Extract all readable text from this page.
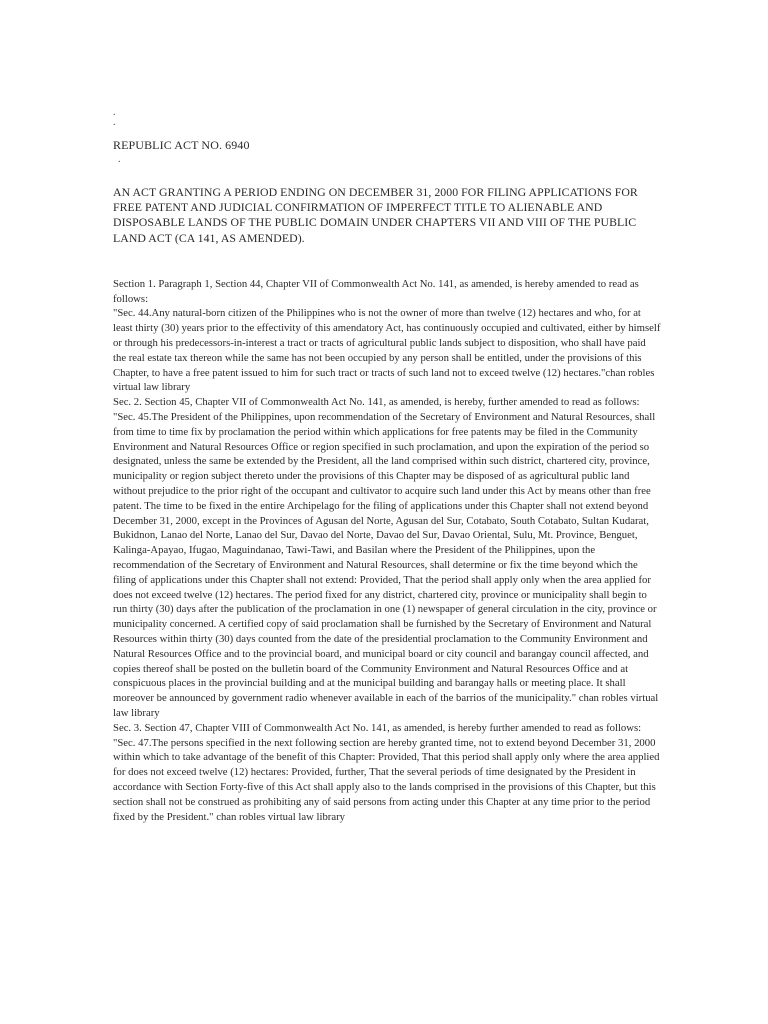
.
.
REPUBLIC ACT NO. 6940
.
AN ACT GRANTING A PERIOD ENDING ON DECEMBER 31, 2000 FOR FILING APPLICATIONS FOR FREE PATENT AND JUDICIAL CONFIRMATION OF IMPERFECT TITLE TO ALIENABLE AND DISPOSABLE LANDS OF THE PUBLIC DOMAIN UNDER CHAPTERS VII AND VIII OF THE PUBLIC LAND ACT (CA 141, AS AMENDED).

Section 1. Paragraph 1, Section 44, Chapter VII of Commonwealth Act No. 141, as amended, is hereby amended to read as follows:

"Sec. 44.Any natural-born citizen of the Philippines who is not the owner of more than twelve (12) hectares and who, for at least thirty (30) years prior to the effectivity of this amendatory Act, has continuously occupied and cultivated, either by himself or through his predecessors-in-interest a tract or tracts of agricultural public lands subject to disposition, who shall have paid the real estate tax thereon while the same has not been occupied by any person shall be entitled, under the provisions of this Chapter, to have a free patent issued to him for such tract or tracts of such land not to exceed twelve (12) hectares."chan robles virtual law library

Sec. 2. Section 45, Chapter VII of Commonwealth Act No. 141, as amended, is hereby, further amended to read as follows:

"Sec. 45.The President of the Philippines, upon recommendation of the Secretary of Environment and Natural Resources, shall from time to time fix by proclamation the period within which applications for free patents may be filed in the Community Environment and Natural Resources Office or region specified in such proclamation, and upon the expiration of the period so designated, unless the same be extended by the President, all the land comprised within such district, chartered city, province, municipality or region subject thereto under the provisions of this Chapter may be disposed of as agricultural public land without prejudice to the prior right of the occupant and cultivator to acquire such land under this Act by means other than free patent. The time to be fixed in the entire Archipelago for the filing of applications under this Chapter shall not extend beyond December 31, 2000, except in the Provinces of Agusan del Norte, Agusan del Sur, Cotabato, South Cotabato, Sultan Kudarat, Bukidnon, Lanao del Norte, Lanao del Sur, Davao del Norte, Davao del Sur, Davao Oriental, Sulu, Mt. Province, Benguet, Kalinga-Apayao, Ifugao, Maguindanao, Tawi-Tawi, and Basilan where the President of the Philippines, upon the recommendation of the Secretary of Environment and Natural Resources, shall determine or fix the time beyond which the filing of applications under this Chapter shall not extend: Provided, That the period shall apply only when the area applied for does not exceed twelve (12) hectares. The period fixed for any district, chartered city, province or municipality shall begin to run thirty (30) days after the publication of the proclamation in one (1) newspaper of general circulation in the city, province or municipality concerned. A certified copy of said proclamation shall be furnished by the Secretary of Environment and Natural Resources within thirty (30) days counted from the date of the presidential proclamation to the Community Environment and Natural Resources Office and to the provincial board, and municipal board or city council and barangay council affected, and copies thereof shall be posted on the bulletin board of the Community Environment and Natural Resources Office and at conspicuous places in the provincial building and at the municipal building and barangay halls or meeting place. It shall moreover be announced by government radio whenever available in each of the barrios of the municipality." chan robles virtual law library

Sec. 3. Section 47, Chapter VIII of Commonwealth Act No. 141, as amended, is hereby further amended to read as follows:

"Sec. 47.The persons specified in the next following section are hereby granted time, not to extend beyond December 31, 2000 within which to take advantage of the benefit of this Chapter: Provided, That this period shall apply only where the area applied for does not exceed twelve (12) hectares: Provided, further, That the several periods of time designated by the President in accordance with Section Forty-five of this Act shall apply also to the lands comprised in the provisions of this Chapter, but this section shall not be construed as prohibiting any of said persons from acting under this Chapter at any time prior to the period fixed by the President." chan robles virtual law library
